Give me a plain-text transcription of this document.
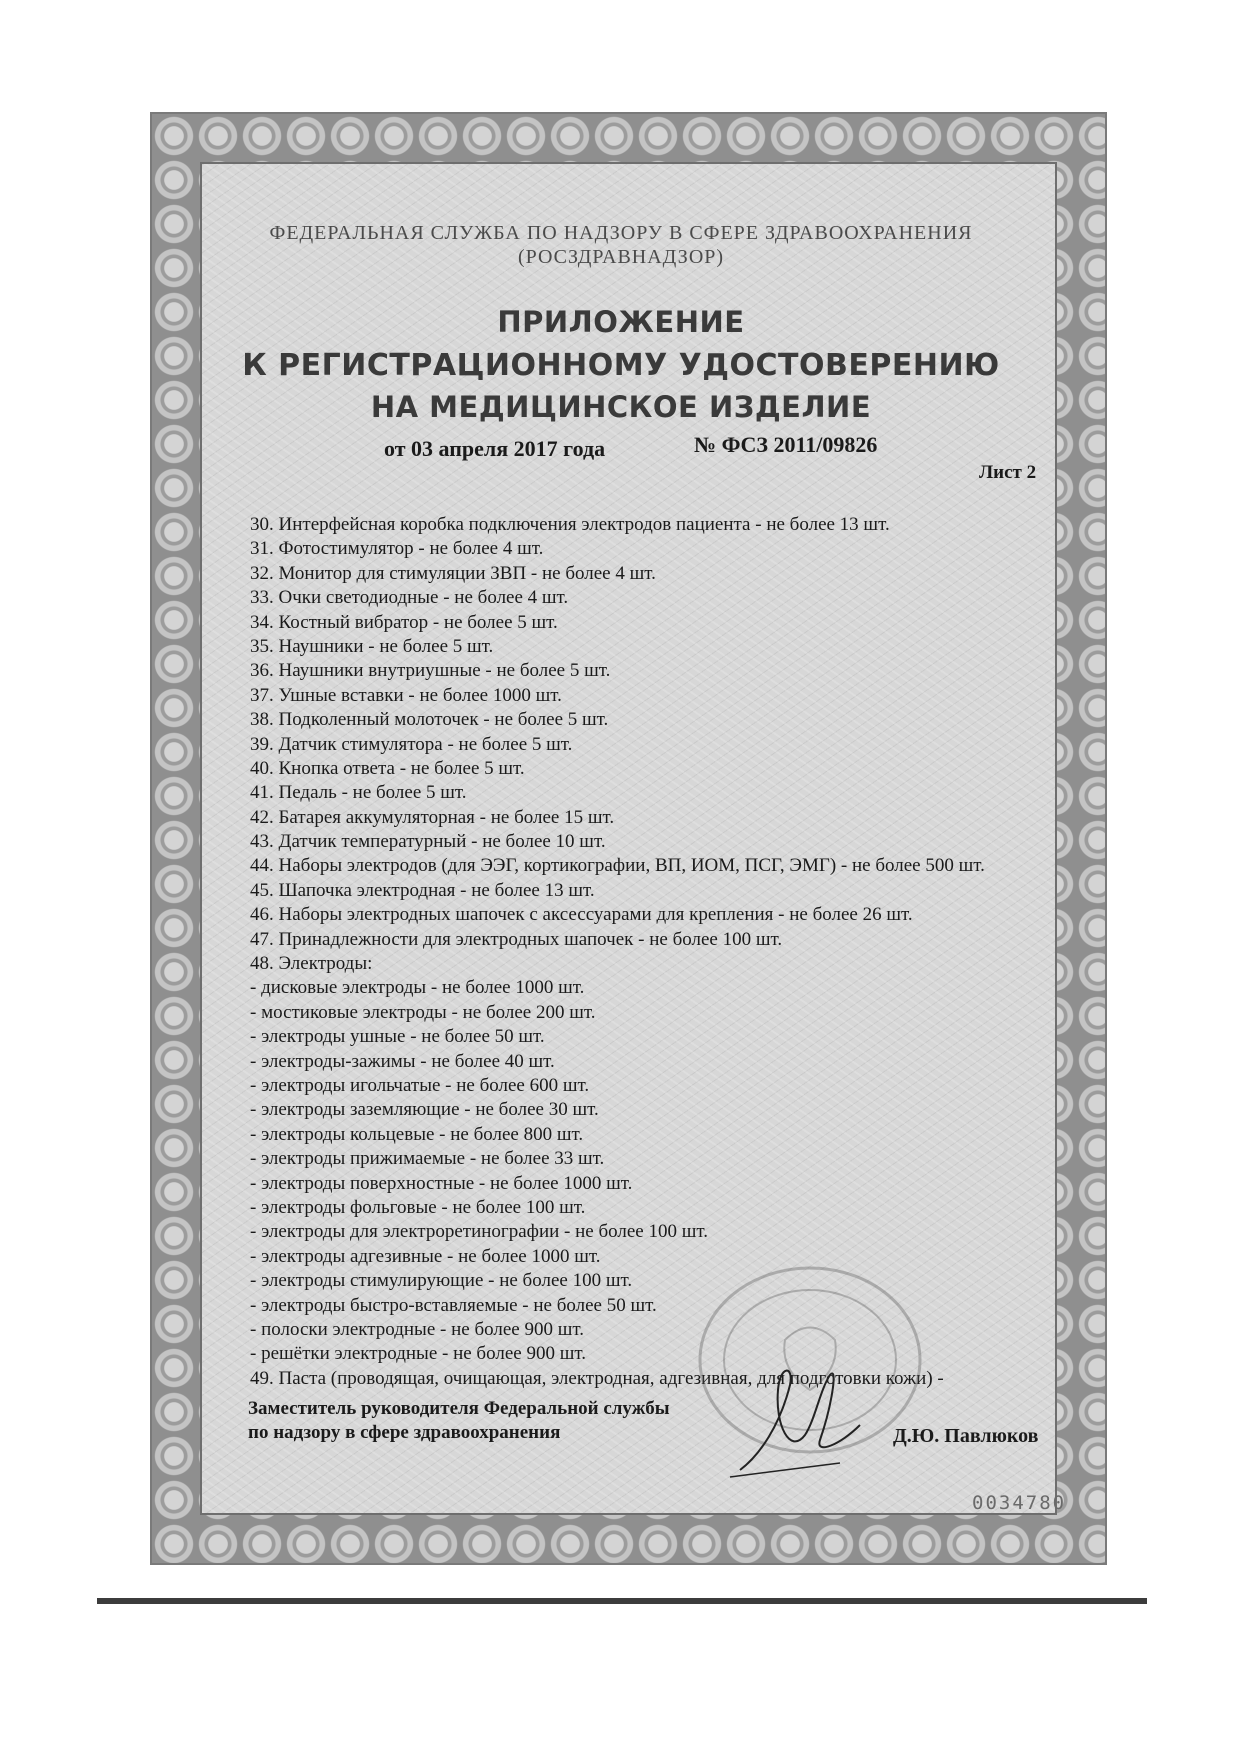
ФЕДЕРАЛЬНАЯ СЛУЖБА ПО НАДЗОРУ В СФЕРЕ ЗДРАВООХРАНЕНИЯ
(РОСЗДРАВНАДЗОР)
ПРИЛОЖЕНИЕ
К РЕГИСТРАЦИОННОМУ УДОСТОВЕРЕНИЮ
НА МЕДИЦИНСКОЕ ИЗДЕЛИЕ
от 03 апреля 2017 года	№ ФСЗ 2011/09826
Лист 2
30. Интерфейсная коробка подключения электродов пациента - не более 13 шт.
31. Фотостимулятор - не более 4 шт.
32. Монитор для стимуляции ЗВП - не более 4 шт.
33. Очки светодиодные - не более 4 шт.
34. Костный вибратор - не более 5 шт.
35. Наушники - не более 5 шт.
36. Наушники внутриушные - не более 5 шт.
37. Ушные вставки - не более 1000 шт.
38. Подколенный молоточек - не более 5 шт.
39. Датчик стимулятора - не более 5 шт.
40. Кнопка ответа - не более 5 шт.
41. Педаль - не более 5 шт.
42. Батарея аккумуляторная - не более 15 шт.
43. Датчик температурный - не более 10 шт.
44. Наборы электродов (для ЭЭГ, кортикографии, ВП, ИОМ, ПСГ, ЭМГ) - не более 500 шт.
45. Шапочка электродная - не более 13 шт.
46. Наборы электродных шапочек с аксессуарами для крепления - не более 26 шт.
47. Принадлежности для электродных шапочек - не более 100 шт.
48. Электроды:
- дисковые электроды - не более 1000 шт.
- мостиковые электроды - не более 200 шт.
- электроды ушные - не более 50 шт.
- электроды-зажимы - не более 40 шт.
- электроды игольчатые - не более 600 шт.
- электроды заземляющие - не более 30 шт.
- электроды кольцевые - не более 800 шт.
- электроды прижимаемые - не более 33 шт.
- электроды поверхностные - не более 1000 шт.
- электроды фольговые - не более 100 шт.
- электроды для электроретинографии - не более 100 шт.
- электроды адгезивные - не более 1000 шт.
- электроды стимулирующие - не более 100 шт.
- электроды быстро-вставляемые - не более 50 шт.
- полоски электродные - не более 900 шт.
- решётки электродные - не более 900 шт.
49. Паста (проводящая, очищающая, электродная, адгезивная, для подготовки кожи) -
Заместитель руководителя Федеральной службы
по надзору в сфере здравоохранения	Д.Ю. Павлюков
0034780
